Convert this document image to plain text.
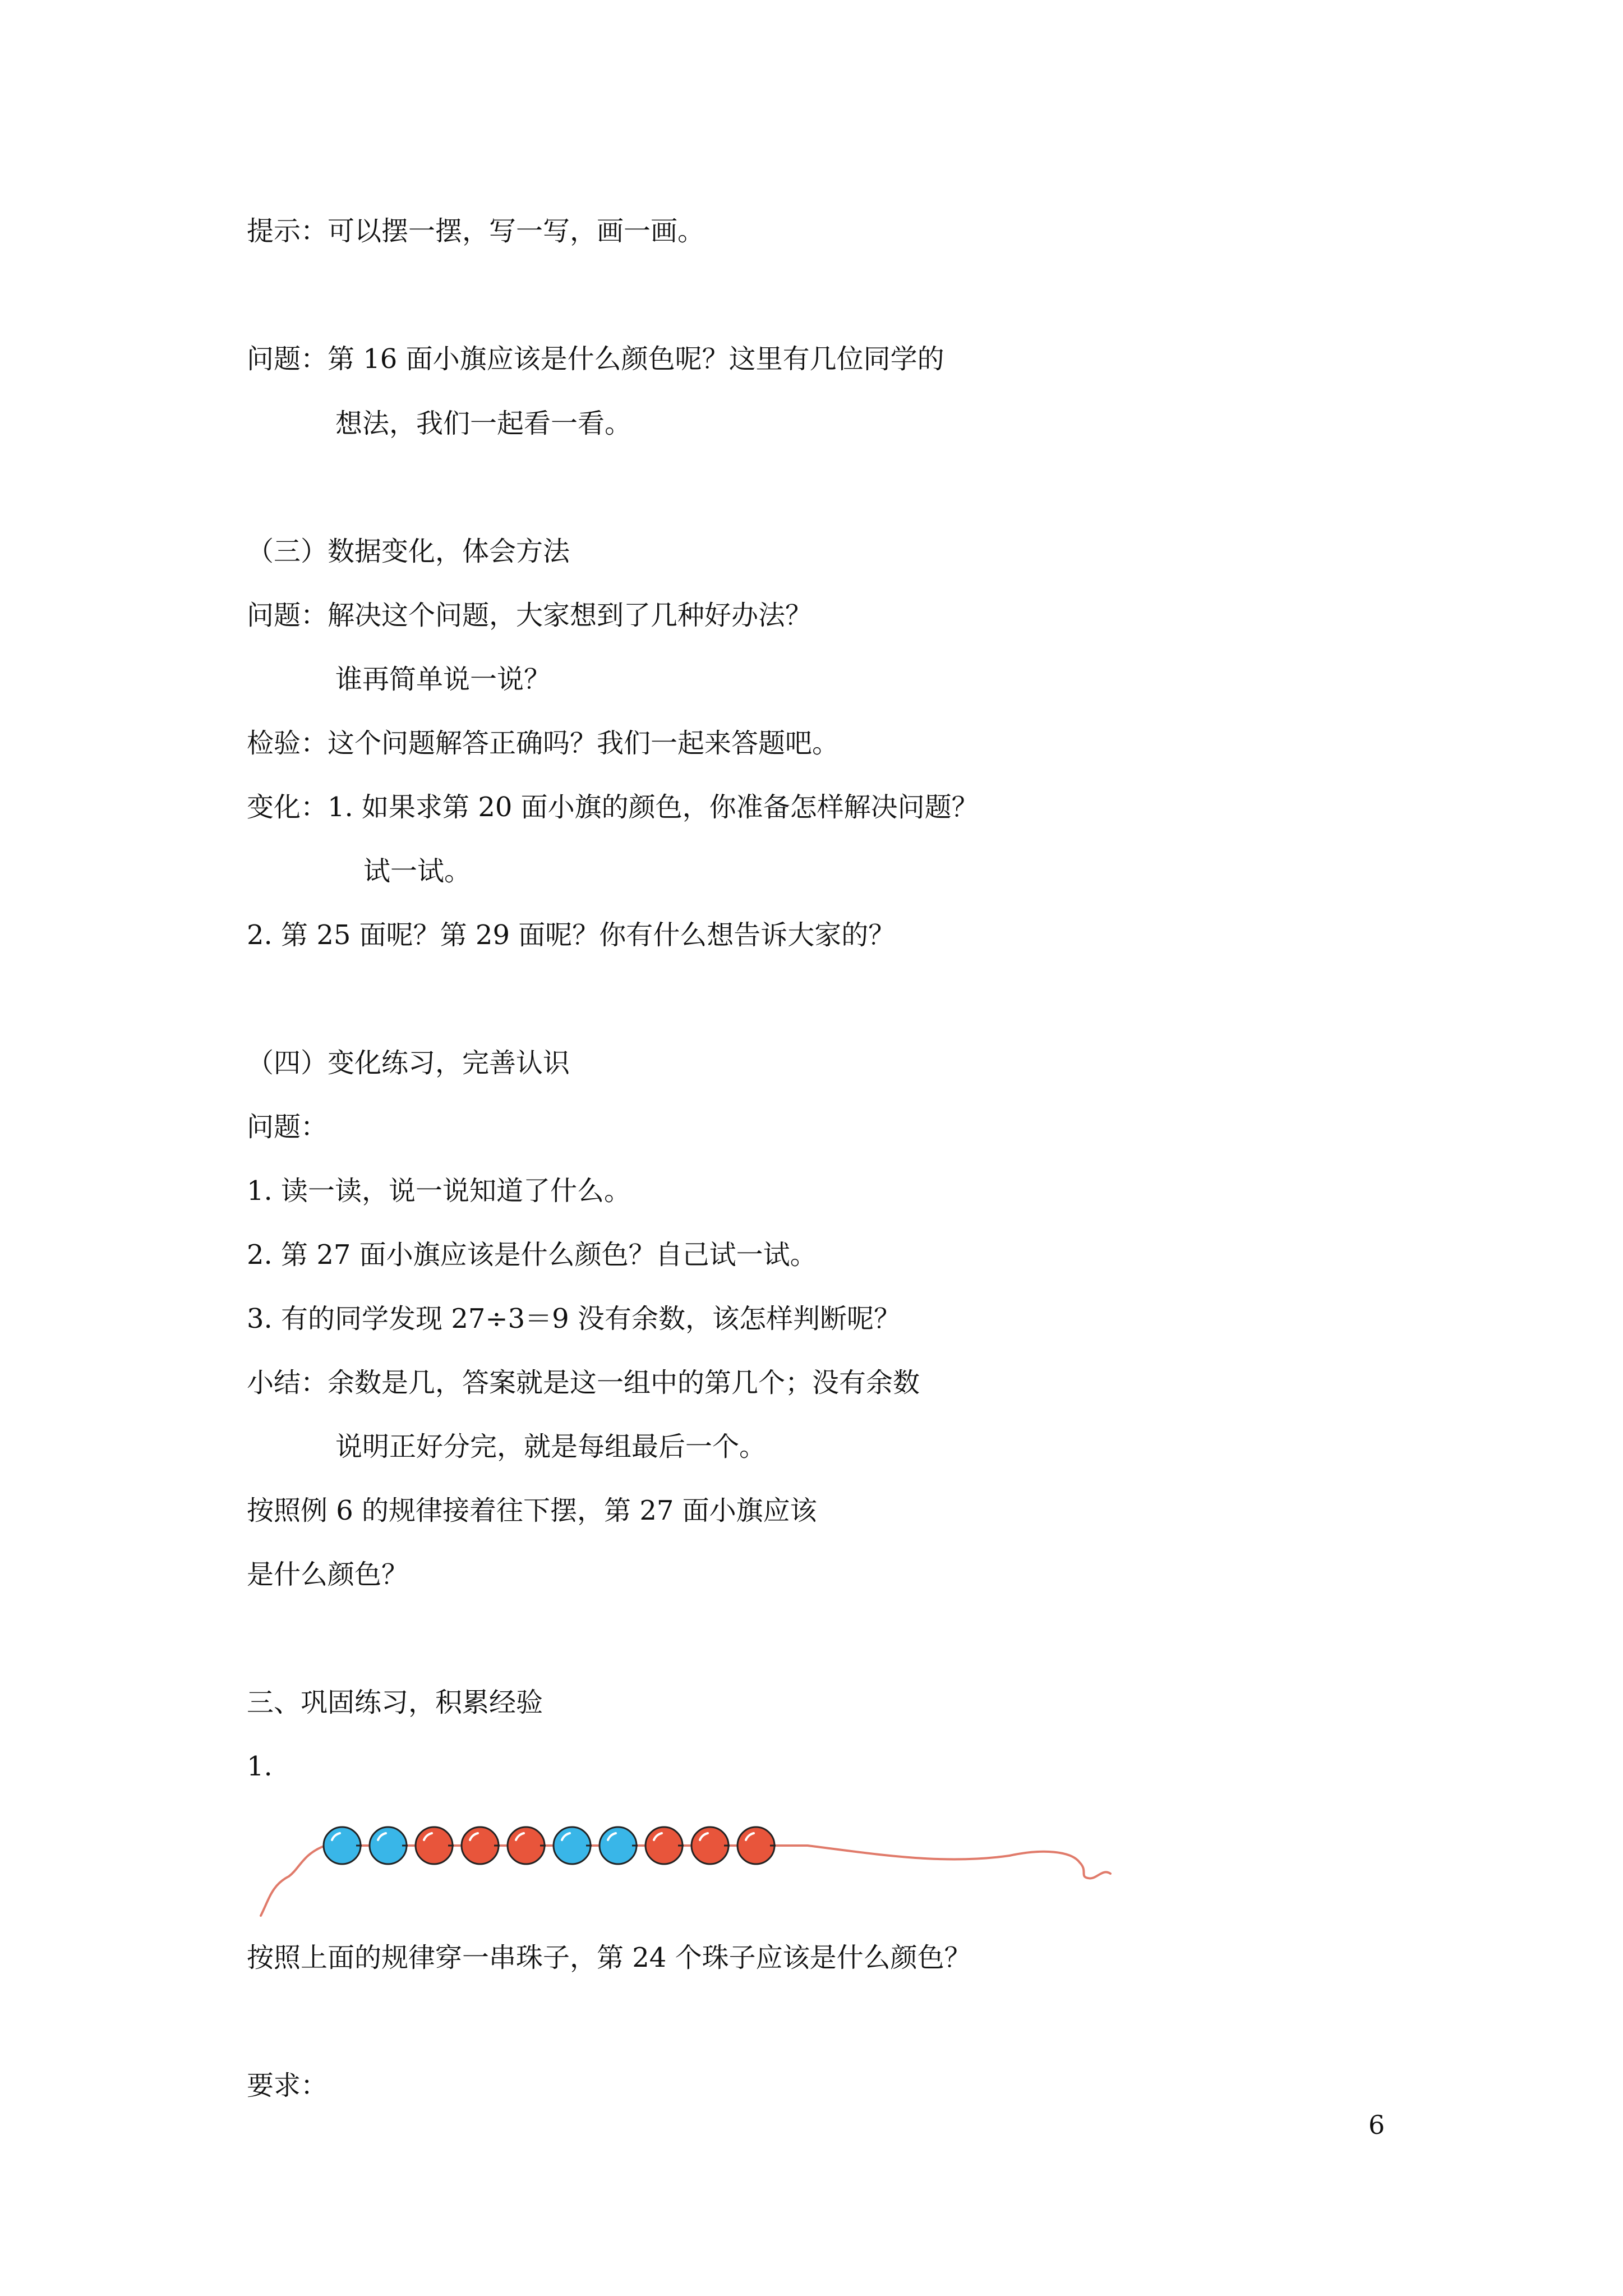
提示：可以摆一摆，写一写，画一画。
问题：第 16 面小旗应该是什么颜色呢？这里有几位同学的
想法，我们一起看一看。
（三）数据变化，体会方法
问题：解决这个问题，大家想到了几种好办法？
谁再简单说一说？
检验：这个问题解答正确吗？我们一起来答题吧。
变化：1. 如果求第 20 面小旗的颜色，你准备怎样解决问题？
试一试。
2. 第 25 面呢？第 29 面呢？你有什么想告诉大家的？
（四）变化练习，完善认识
问题：
1. 读一读，说一说知道了什么。
2. 第 27 面小旗应该是什么颜色？自己试一试。
3. 有的同学发现 27÷3＝9 没有余数，该怎样判断呢？
小结：余数是几，答案就是这一组中的第几个；没有余数
说明正好分完，就是每组最后一个。
按照例 6 的规律接着往下摆，第 27 面小旗应该
是什么颜色？
三、巩固练习，积累经验
1.
按照上面的规律穿一串珠子，第 24 个珠子应该是什么颜色？
要求：
6
